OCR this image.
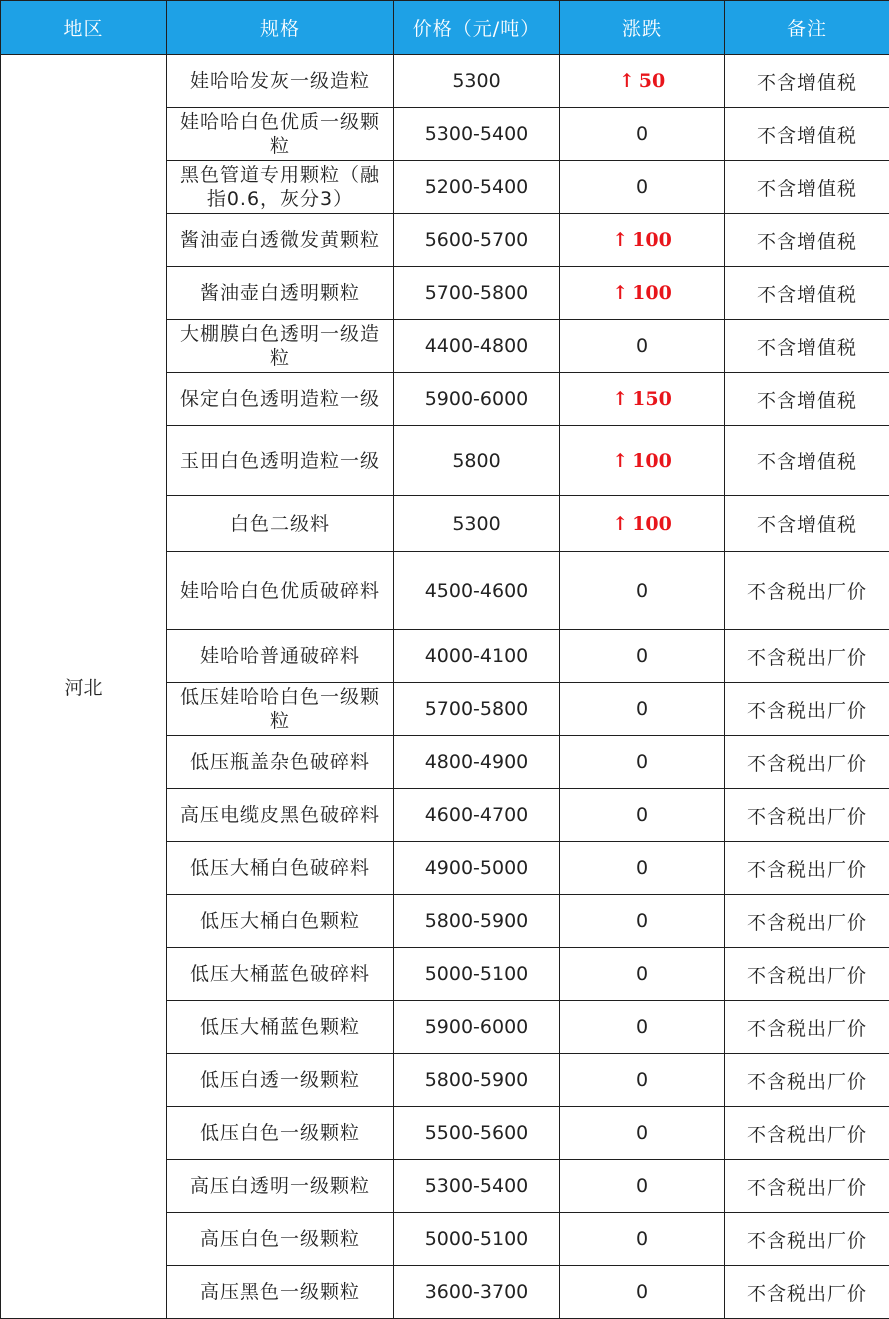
地区	规格	价格（元/吨）	涨跌	备注
河北	娃哈哈发灰一级造粒	5300	↑ 50	不含增值税
	娃哈哈白色优质一级颗粒	5300-5400	0	不含增值税
	黑色管道专用颗粒（融指0.6，灰分3）	5200-5400	0	不含增值税
	酱油壶白透微发黄颗粒	5600-5700	↑ 100	不含增值税
	酱油壶白透明颗粒	5700-5800	↑ 100	不含增值税
	大棚膜白色透明一级造粒	4400-4800	0	不含增值税
	保定白色透明造粒一级	5900-6000	↑ 150	不含增值税
	玉田白色透明造粒一级	5800	↑ 100	不含增值税
	白色二级料	5300	↑ 100	不含增值税
	娃哈哈白色优质破碎料	4500-4600	0	不含税出厂价
	娃哈哈普通破碎料	4000-4100	0	不含税出厂价
	低压娃哈哈白色一级颗粒	5700-5800	0	不含税出厂价
	低压瓶盖杂色破碎料	4800-4900	0	不含税出厂价
	高压电缆皮黑色破碎料	4600-4700	0	不含税出厂价
	低压大桶白色破碎料	4900-5000	0	不含税出厂价
	低压大桶白色颗粒	5800-5900	0	不含税出厂价
	低压大桶蓝色破碎料	5000-5100	0	不含税出厂价
	低压大桶蓝色颗粒	5900-6000	0	不含税出厂价
	低压白透一级颗粒	5800-5900	0	不含税出厂价
	低压白色一级颗粒	5500-5600	0	不含税出厂价
	高压白透明一级颗粒	5300-5400	0	不含税出厂价
	高压白色一级颗粒	5000-5100	0	不含税出厂价
	高压黑色一级颗粒	3600-3700	0	不含税出厂价
